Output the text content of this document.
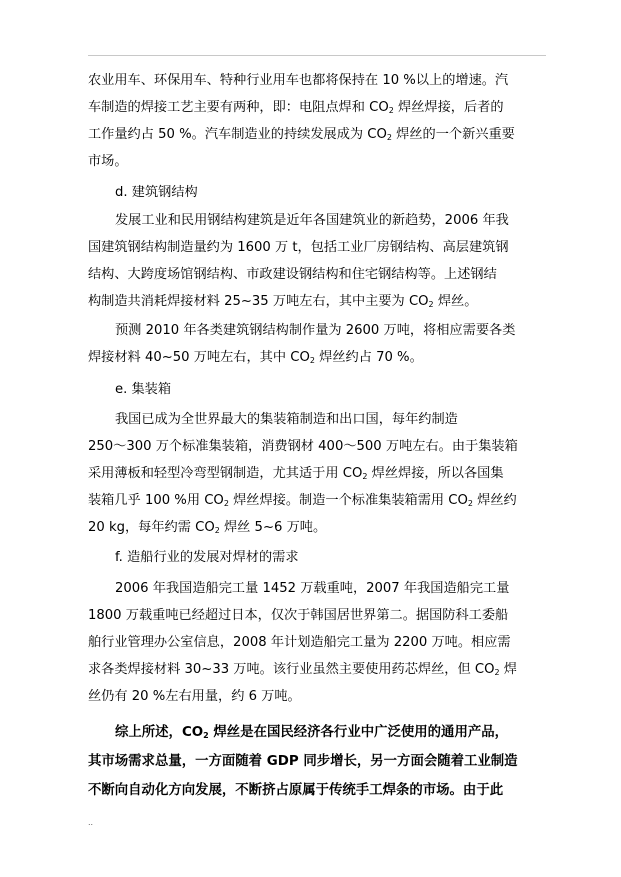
农业用车、环保用车、特种行业用车也都将保持在 10 %以上的增速。汽
车制造的焊接工艺主要有两种，即：电阻点焊和 $CO_2$ 焊丝焊接，后者的
工作量约占 50 %。汽车制造业的持续发展成为 $CO_2$ 焊丝的一个新兴重要
市场。
d. 建筑钢结构
发展工业和民用钢结构建筑是近年各国建筑业的新趋势，2006 年我
国建筑钢结构制造量约为 1600 万 t，包括工业厂房钢结构、高层建筑钢
结构、大跨度场馆钢结构、市政建设钢结构和住宅钢结构等。上述钢结
构制造共消耗焊接材料 25~35 万吨左右，其中主要为 $CO_2$ 焊丝。
预测 2010 年各类建筑钢结构制作量为 2600 万吨，将相应需要各类
焊接材料 40~50 万吨左右，其中 $CO_2$ 焊丝约占 70 %。
e. 集装箱
我国已成为全世界最大的集装箱制造和出口国，每年约制造
250～300 万个标准集装箱，消费钢材 400～500 万吨左右。由于集装箱
采用薄板和轻型冷弯型钢制造，尤其适于用 $CO_2$ 焊丝焊接，所以各国集
装箱几乎 100 %用 $CO_2$ 焊丝焊接。制造一个标准集装箱需用 $CO_2$ 焊丝约
20 kg，每年约需 $CO_2$ 焊丝 5~6 万吨。
f. 造船行业的发展对焊材的需求
2006 年我国造船完工量 1452 万载重吨，2007 年我国造船完工量
1800 万载重吨已经超过日本，仅次于韩国居世界第二。据国防科工委船
舶行业管理办公室信息，2008 年计划造船完工量为 2200 万吨。相应需
求各类焊接材料 30~33 万吨。该行业虽然主要使用药芯焊丝，但 $CO_2$ 焊
丝仍有 20 %左右用量，约 6 万吨。
综上所述，$CO_2$ 焊丝是在国民经济各行业中广泛使用的通用产品，
其市场需求总量，一方面随着 GDP 同步增长，另一方面会随着工业制造
不断向自动化方向发展，不断挤占原属于传统手工焊条的市场。由于此
..
